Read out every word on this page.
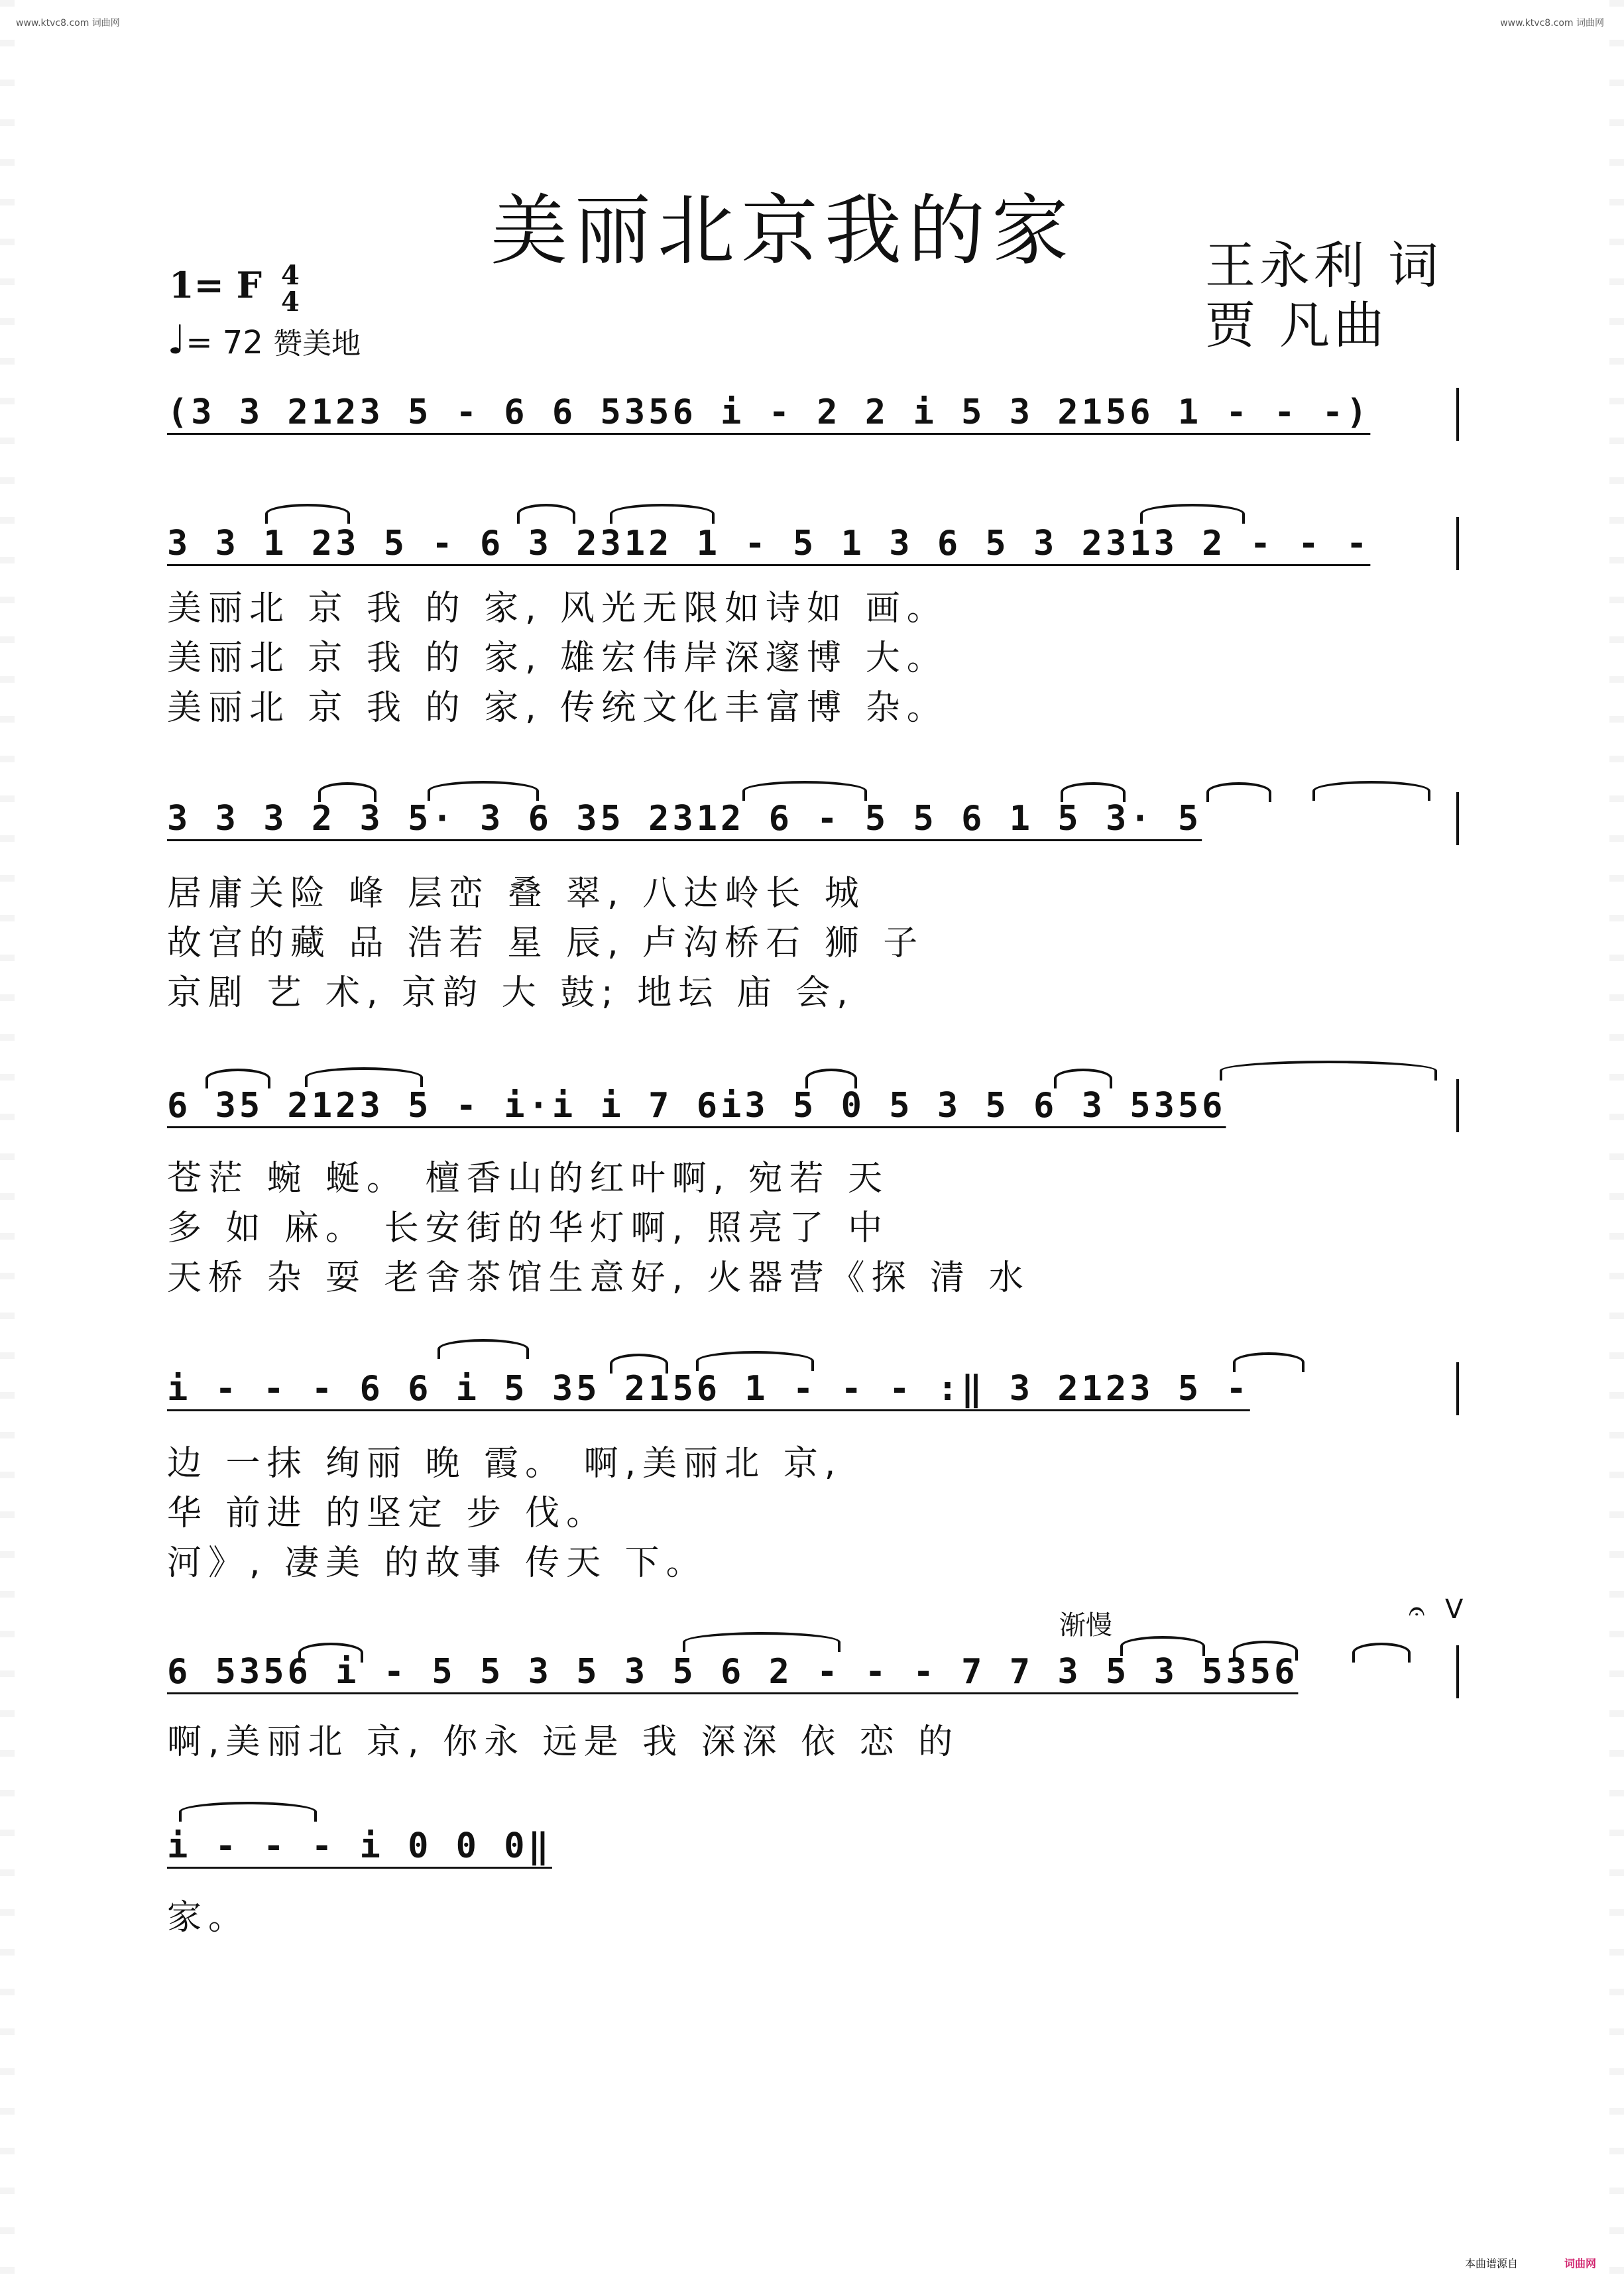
www.ktvc8.com 词曲网	www.ktvc8.com 词曲网
美丽北京我的家	王永利 词
贾 凡曲
1= F 4
4
♩= 72 赞美地
(3 3 2123 5 - 6 6 5356 i - 2 2 i 5 3 2156 1 - - -)
3 3 1 23 5 - 6 3 2312 1 - 5 1 3 6 5 3 2313 2 - - -
美丽北 京 我 的 家, 风光无限如诗如 画。
美丽北 京 我 的 家, 雄宏伟岸深邃博 大。
美丽北 京 我 的 家, 传统文化丰富博 杂。
3 3 3 2 3 5· 3 6 35 2312 6 - 5 5 6 1 5 3· 5
居庸关险 峰 层峦 叠 翠, 八达岭长 城
故宫的藏 品 浩若 星 辰, 卢沟桥石 狮 子
京剧 艺 术, 京韵 大 鼓; 地坛 庙 会,
6 35 2123 5 - i·i i 7 6i3 5 0 5 3 5 6 3 5356
苍茫 蜿 蜒。 檀香山的红叶啊, 宛若 天
多 如 麻。 长安街的华灯啊, 照亮了 中
天桥 杂 耍 老舍茶馆生意好, 火器营《探 清 水
i - - - 6 6 i 5 35 2156 1 - - - :‖ 3 2123 5 -
边 一抹 绚丽 晚 霞。 啊,美丽北 京,
华 前进 的坚定 步 伐。
河》, 凄美 的故事 传天 下。
渐慢	𝄐 V
6 5356 i - 5 5 3 5 3 5 6 2 - - - 7 7 3 5 3 5356
啊,美丽北 京, 你永 远是 我 深深 依 恋 的
i - - - i 0 0 0‖
家。
本曲谱源自	词曲网
